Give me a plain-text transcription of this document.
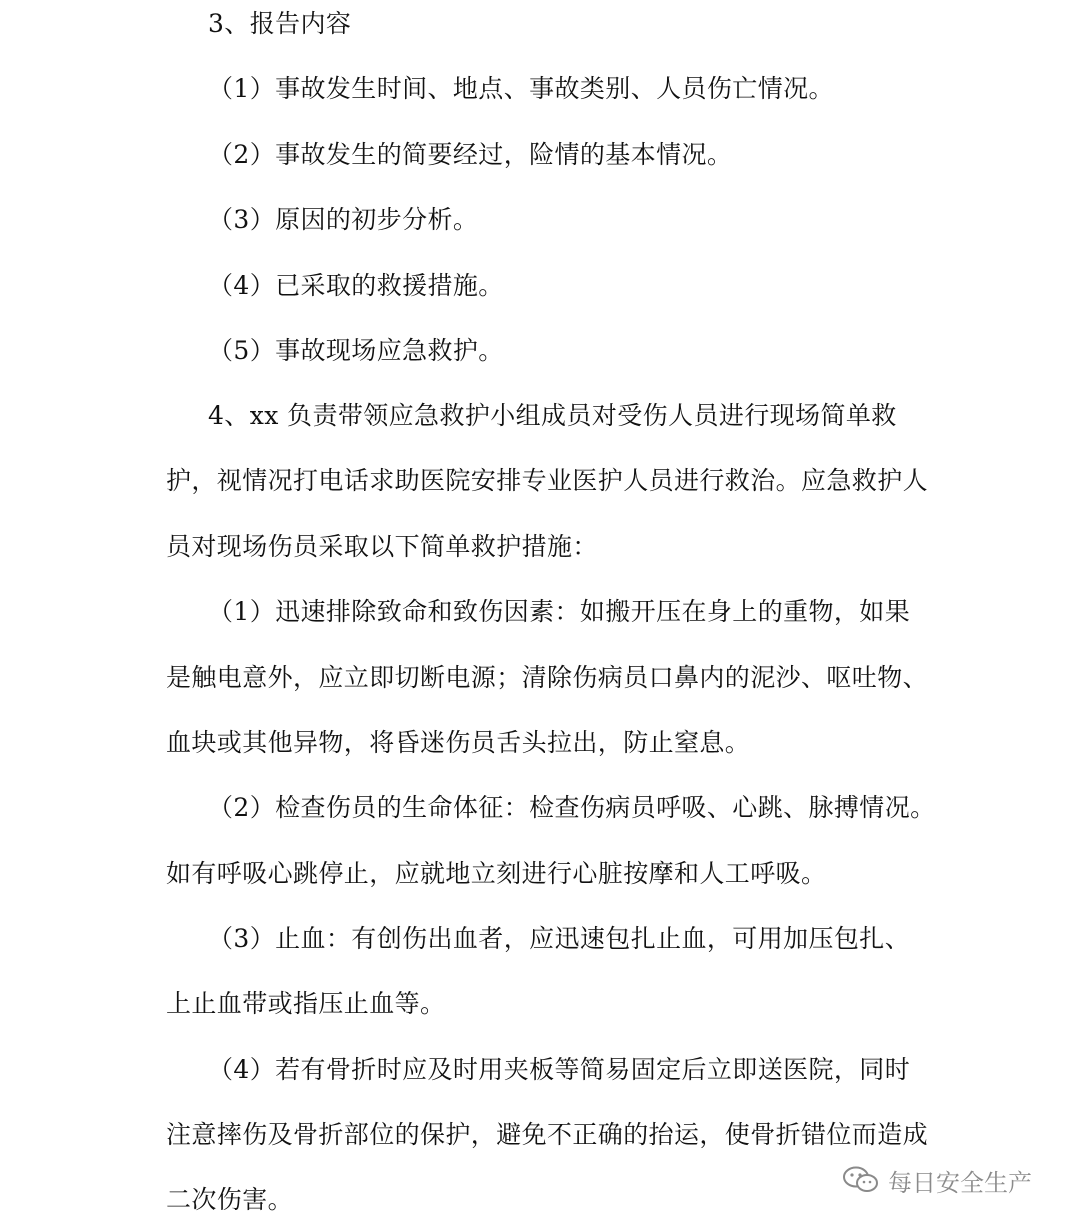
3、报告内容
（1）事故发生时间、地点、事故类别、人员伤亡情况。
（2）事故发生的简要经过，险情的基本情况。
（3）原因的初步分析。
（4）已采取的救援措施。
（5）事故现场应急救护。
4、xx 负责带领应急救护小组成员对受伤人员进行现场简单救
护，视情况打电话求助医院安排专业医护人员进行救治。应急救护人
员对现场伤员采取以下简单救护措施：
（1）迅速排除致命和致伤因素：如搬开压在身上的重物，如果
是触电意外，应立即切断电源；清除伤病员口鼻内的泥沙、呕吐物、
血块或其他异物，将昏迷伤员舌头拉出，防止窒息。
（2）检查伤员的生命体征：检查伤病员呼吸、心跳、脉搏情况。
如有呼吸心跳停止，应就地立刻进行心脏按摩和人工呼吸。
（3）止血：有创伤出血者，应迅速包扎止血，可用加压包扎、
上止血带或指压止血等。
（4）若有骨折时应及时用夹板等简易固定后立即送医院，同时
注意摔伤及骨折部位的保护，避免不正确的抬运，使骨折错位而造成
二次伤害。
每日安全生产
